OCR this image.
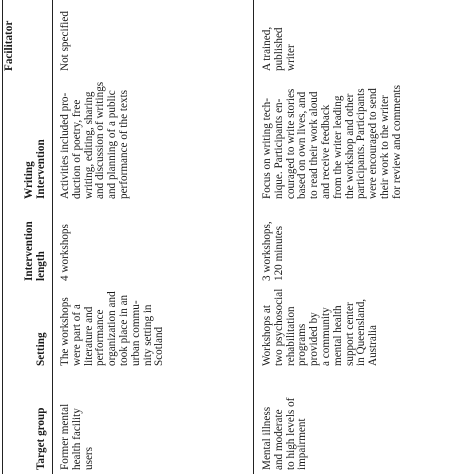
Target group
Setting
Intervention
length
Writing
Intervention
Facilitator
Former mental
health facility
users
The workshops
were part of a
literature and
performance
organization and
took place in an
urban commu-
nity setting in
Scotland
4 workshops
Activities included pro-
duction of poetry, free
writing, editing, sharing
and discussion of writings
and planning of a public
performance of the texts
Not specified
Mental illness
and moderate
to high levels of
impairment
Workshops at
two psychosocial
rehabilitation
programs
provided by
a community
mental health
support center
in Queensland,
Australia
3 workshops,
120 minutes
Focus on writing tech-
nique. Participants en-
couraged to write stories
based on own lives, and
to read their work aloud
and receive feedback
from the writer leading
the workshop and other
participants. Participants
were encouraged to send
their work to the writer
for review and comments
A trained,
published
writer
